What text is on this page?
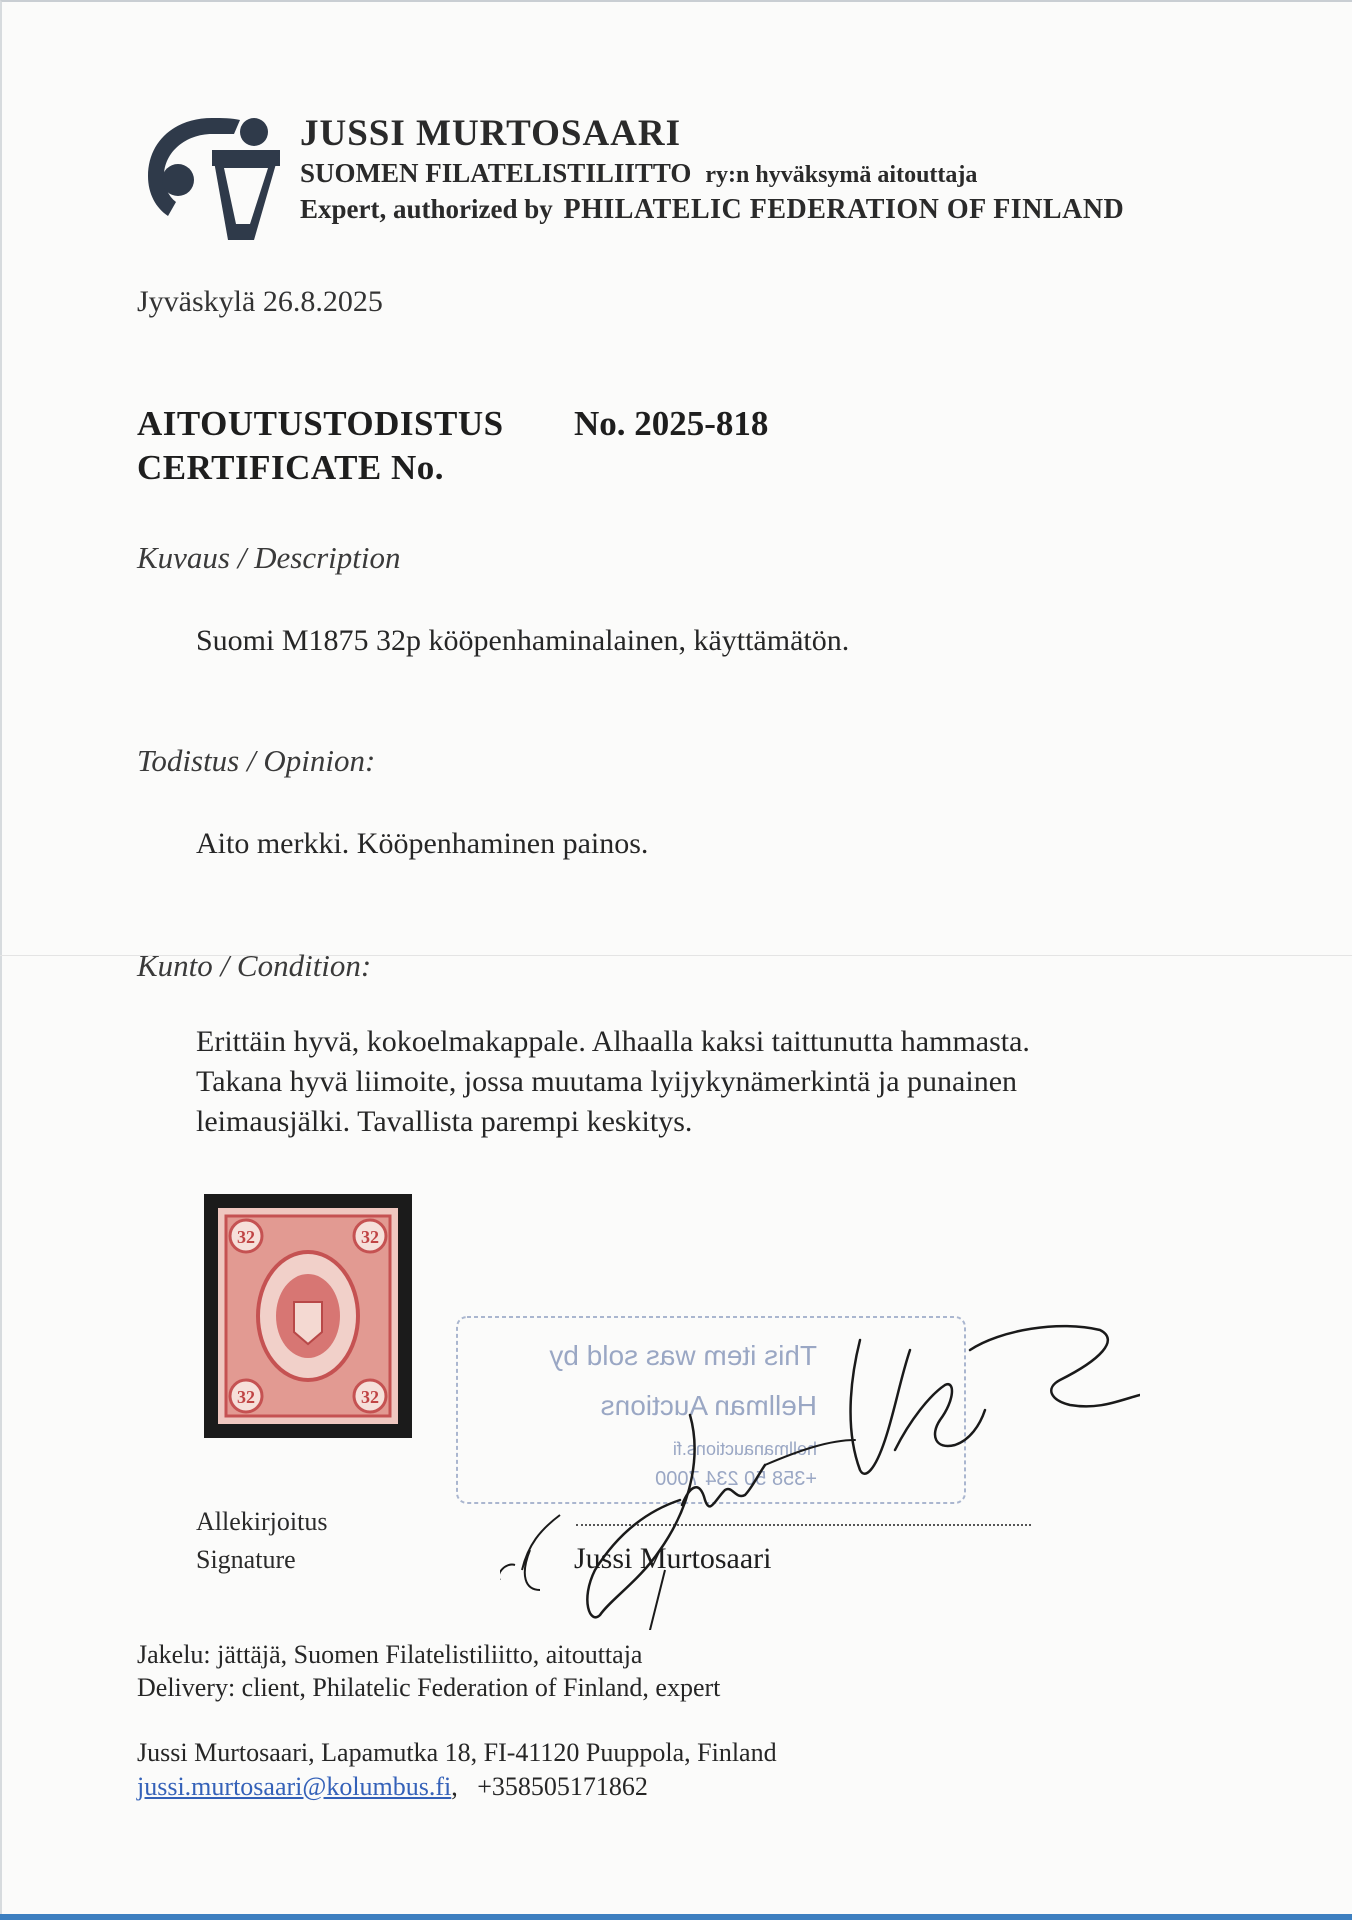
JUSSI MURTOSAARI
SUOMEN FILATELISTILIITTO ry:n hyväksymä aitouttaja
Expert, authorized by PHILATELIC FEDERATION OF FINLAND
Jyväskylä 26.8.2025
AITOUTUSTODISTUS No. 2025-818
CERTIFICATE No.
Kuvaus / Description
Suomi M1875 32p kööpenhaminalainen, käyttämätön.
Todistus / Opinion:
Aito merkki. Kööpenhaminen painos.
Kunto / Condition:
Erittäin hyvä, kokoelmakappale. Alhaalla kaksi taittunutta hammasta.
Takana hyvä liimoite, jossa muutama lyijykynämerkintä ja punainen
leimausjälki. Tavallista parempi keskitys.
32	32
32	32
This item was sold by
Hellman Auctions
hellmanauctions.fi
+358 50 234 7000
Allekirjoitus
Signature	Jussi Murtosaari
Jakelu: jättäjä, Suomen Filatelistiliitto, aitouttaja
Delivery: client, Philatelic Federation of Finland, expert
Jussi Murtosaari, Lapamutka 18, FI-41120 Puuppola, Finland
jussi.murtosaari@kolumbus.fi, +358505171862
